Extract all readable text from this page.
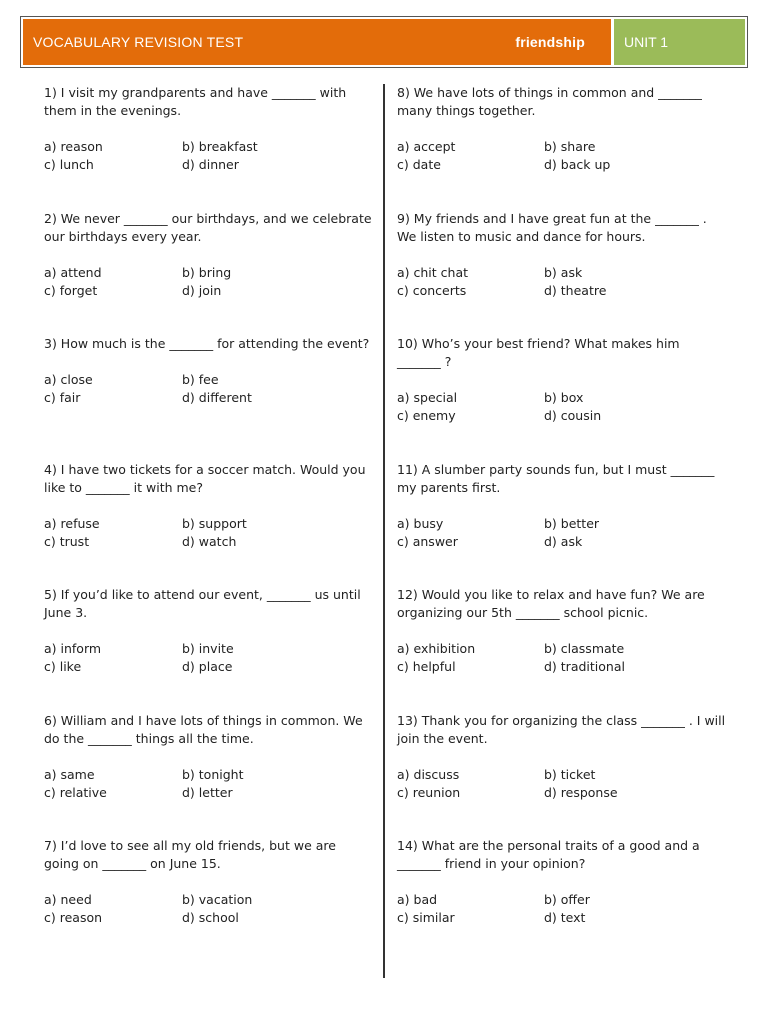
VOCABULARY REVISION TEST	friendship	UNIT 1
1) I visit my grandparents and have _______ with them in the evenings.
a) reason	b) breakfast
c) lunch	d) dinner
2) We never _______ our birthdays, and we celebrate our birthdays every year.
a) attend	b) bring
c) forget	d) join
3) How much is the _______ for attending the event?
a) close	b) fee
c) fair	d) different
4) I have two tickets for a soccer match. Would you like to _______ it with me?
a) refuse	b) support
c) trust	d) watch
5) If you’d like to attend our event, _______ us until June 3.
a) inform	b) invite
c) like	d) place
6) William and I have lots of things in common. We do the _______ things all the time.
a) same	b) tonight
c) relative	d) letter
7) I’d love to see all my old friends, but we are going on _______ on June 15.
a) need	b) vacation
c) reason	d) school
8) We have lots of things in common and _______ many things together.
a) accept	b) share
c) date	d) back up
9) My friends and I have great fun at the _______ . We listen to music and dance for hours.
a) chit chat	b) ask
c) concerts	d) theatre
10) Who’s your best friend? What makes him _______ ?
a) special	b) box
c) enemy	d) cousin
11) A slumber party sounds fun, but I must _______ my parents first.
a) busy	b) better
c) answer	d) ask
12) Would you like to relax and have fun? We are organizing our 5th _______ school picnic.
a) exhibition	b) classmate
c) helpful	d) traditional
13) Thank you for organizing the class _______ . I will join the event.
a) discuss	b) ticket
c) reunion	d) response
14) What are the personal traits of a good and a _______ friend in your opinion?
a) bad	b) offer
c) similar	d) text
